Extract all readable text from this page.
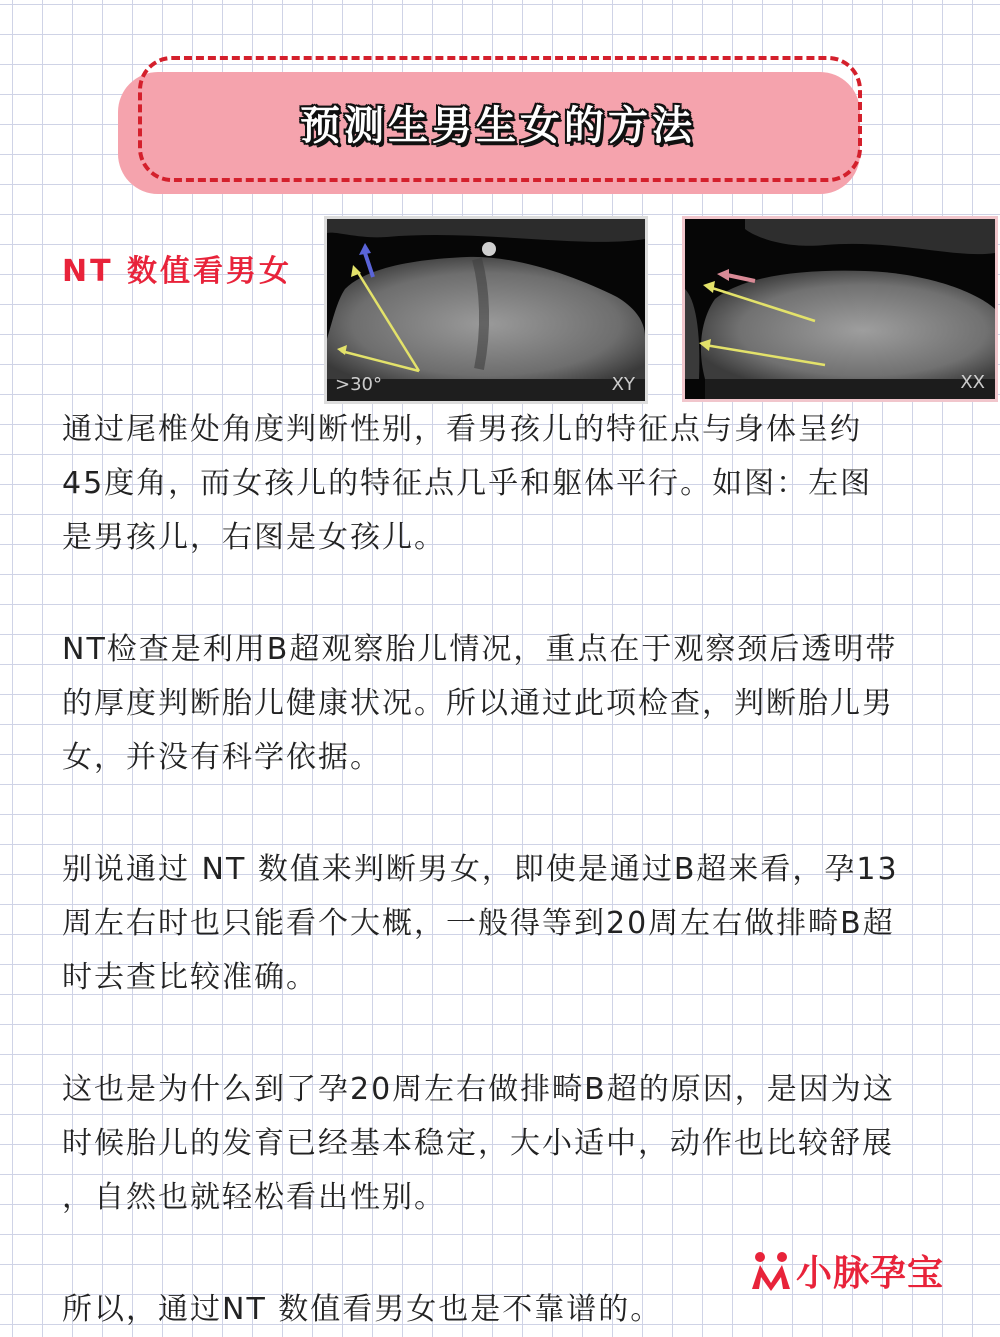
预测生男生女的方法
NT 数值看男女
>30°	XY	XX

通过尾椎处角度判断性别，看男孩儿的特征点与身体呈约
45度角，而女孩儿的特征点几乎和躯体平行。如图：左图
是男孩儿，右图是女孩儿。

NT检查是利用B超观察胎儿情况，重点在于观察颈后透明带
的厚度判断胎儿健康状况。所以通过此项检查，判断胎儿男
女，并没有科学依据。

别说通过 NT 数值来判断男女，即使是通过B超来看，孕13
周左右时也只能看个大概，一般得等到20周左右做排畸B超
时去查比较准确。

这也是为什么到了孕20周左右做排畸B超的原因，是因为这
时候胎儿的发育已经基本稳定，大小适中，动作也比较舒展
，自然也就轻松看出性别。

所以，通过NT 数值看男女也是不靠谱的。

小脉孕宝
